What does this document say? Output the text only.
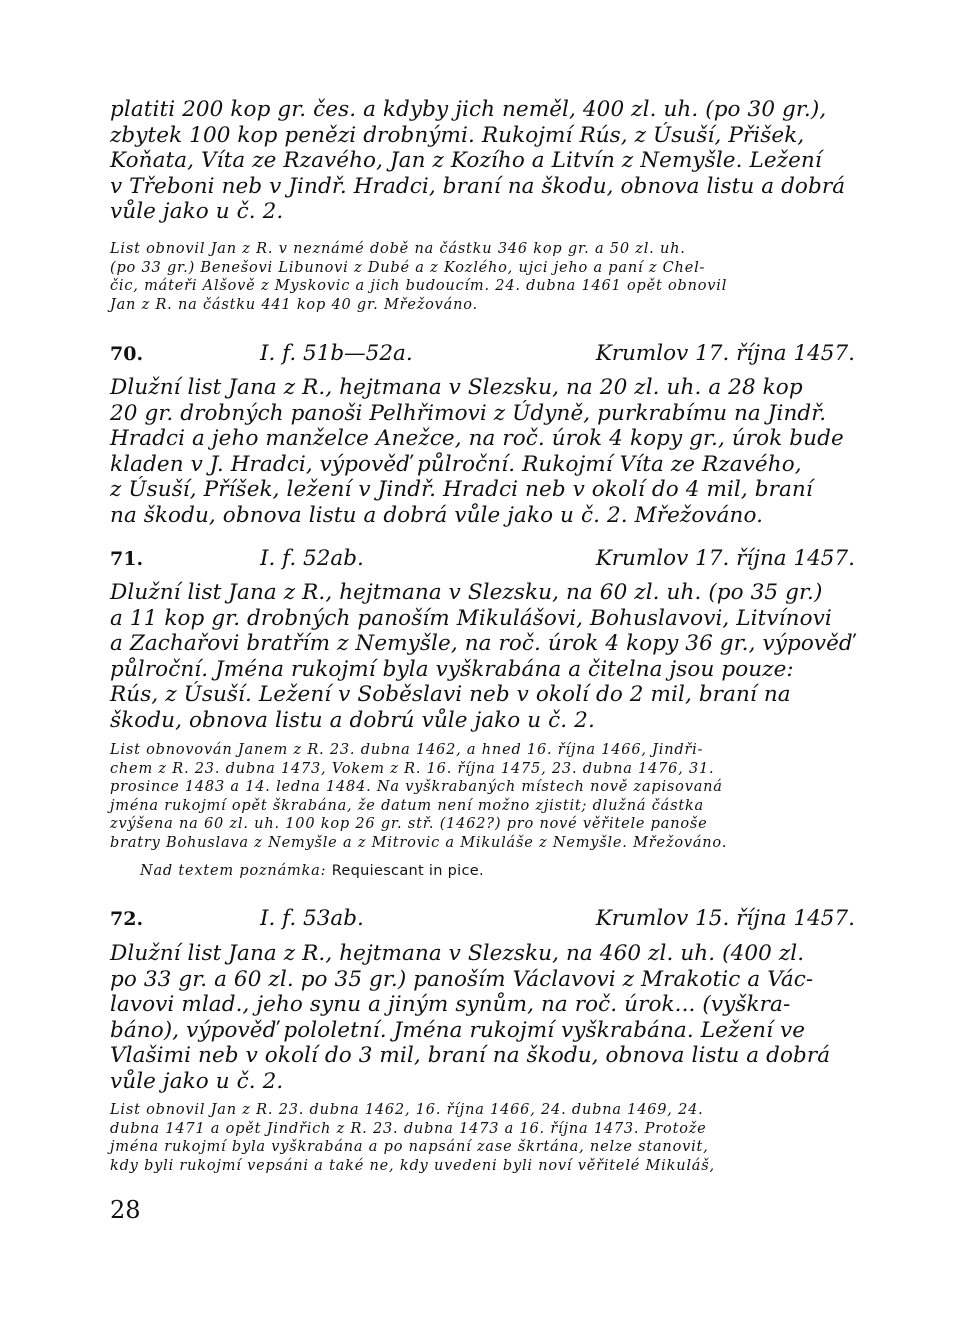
platiti 200 kop gr. čes. a kdyby jich neměl, 400 zl. uh. (po 30 gr.),
zbytek 100 kop penězi drobnými. Rukojmí Rús, z Úsuší, Přišek,
Koňata, Víta ze Rzavého, Jan z Kozího a Litvín z Nemyšle. Ležení
v Třeboni neb v Jindř. Hradci, braní na škodu, obnova listu a dobrá
vůle jako u č. 2.
List obnovil Jan z R. v neznámé době na částku 346 kop gr. a 50 zl. uh.
(po 33 gr.) Benešovi Libunovi z Dubé a z Kozlého, ujci jeho a paní z Chel-
čic, máteři Alšově z Myskovic a jich budoucím. 24. dubna 1461 opět obnovil
Jan z R. na částku 441 kop 40 gr. Mřežováno.
70.	I. f. 51b—52a.	Krumlov 17. října 1457.
Dlužní list Jana z R., hejtmana v Slezsku, na 20 zl. uh. a 28 kop
20 gr. drobných panoši Pelhřimovi z Údyně, purkrabímu na Jindř.
Hradci a jeho manželce Anežce, na roč. úrok 4 kopy gr., úrok bude
kladen v J. Hradci, výpověď půlroční. Rukojmí Víta ze Rzavého,
z Úsuší, Příšek, ležení v Jindř. Hradci neb v okolí do 4 mil, braní
na škodu, obnova listu a dobrá vůle jako u č. 2. Mřežováno.
71.	I. f. 52ab.	Krumlov 17. října 1457.
Dlužní list Jana z R., hejtmana v Slezsku, na 60 zl. uh. (po 35 gr.)
a 11 kop gr. drobných panoším Mikulášovi, Bohuslavovi, Litvínovi
a Zachařovi bratřím z Nemyšle, na roč. úrok 4 kopy 36 gr., výpověď
půlroční. Jména rukojmí byla vyškrabána a čitelna jsou pouze:
Rús, z Úsuší. Ležení v Soběslavi neb v okolí do 2 mil, braní na
škodu, obnova listu a dobrú vůle jako u č. 2.
List obnovován Janem z R. 23. dubna 1462, a hned 16. října 1466, Jindři-
chem z R. 23. dubna 1473, Vokem z R. 16. října 1475, 23. dubna 1476, 31.
prosince 1483 a 14. ledna 1484. Na vyškrabaných místech nově zapisovaná
jména rukojmí opět škrabána, že datum není možno zjistit; dlužná částka
zvýšena na 60 zl. uh. 100 kop 26 gr. stř. (1462?) pro nové věřitele panoše
bratry Bohuslava z Nemyšle a z Mitrovic a Mikuláše z Nemyšle. Mřežováno.
Nad textem poznámka: Requiescant in pice.
72.	I. f. 53ab.	Krumlov 15. října 1457.
Dlužní list Jana z R., hejtmana v Slezsku, na 460 zl. uh. (400 zl.
po 33 gr. a 60 zl. po 35 gr.) panoším Václavovi z Mrakotic a Vác-
lavovi mlad., jeho synu a jiným synům, na roč. úrok... (vyškra-
báno), výpověď pololetní. Jména rukojmí vyškrabána. Ležení ve
Vlašimi neb v okolí do 3 mil, braní na škodu, obnova listu a dobrá
vůle jako u č. 2.
List obnovil Jan z R. 23. dubna 1462, 16. října 1466, 24. dubna 1469, 24.
dubna 1471 a opět Jindřich z R. 23. dubna 1473 a 16. října 1473. Protože
jména rukojmí byla vyškrabána a po napsání zase škrtána, nelze stanovit,
kdy byli rukojmí vepsáni a také ne, kdy uvedeni byli noví věřitelé Mikuláš,
28
